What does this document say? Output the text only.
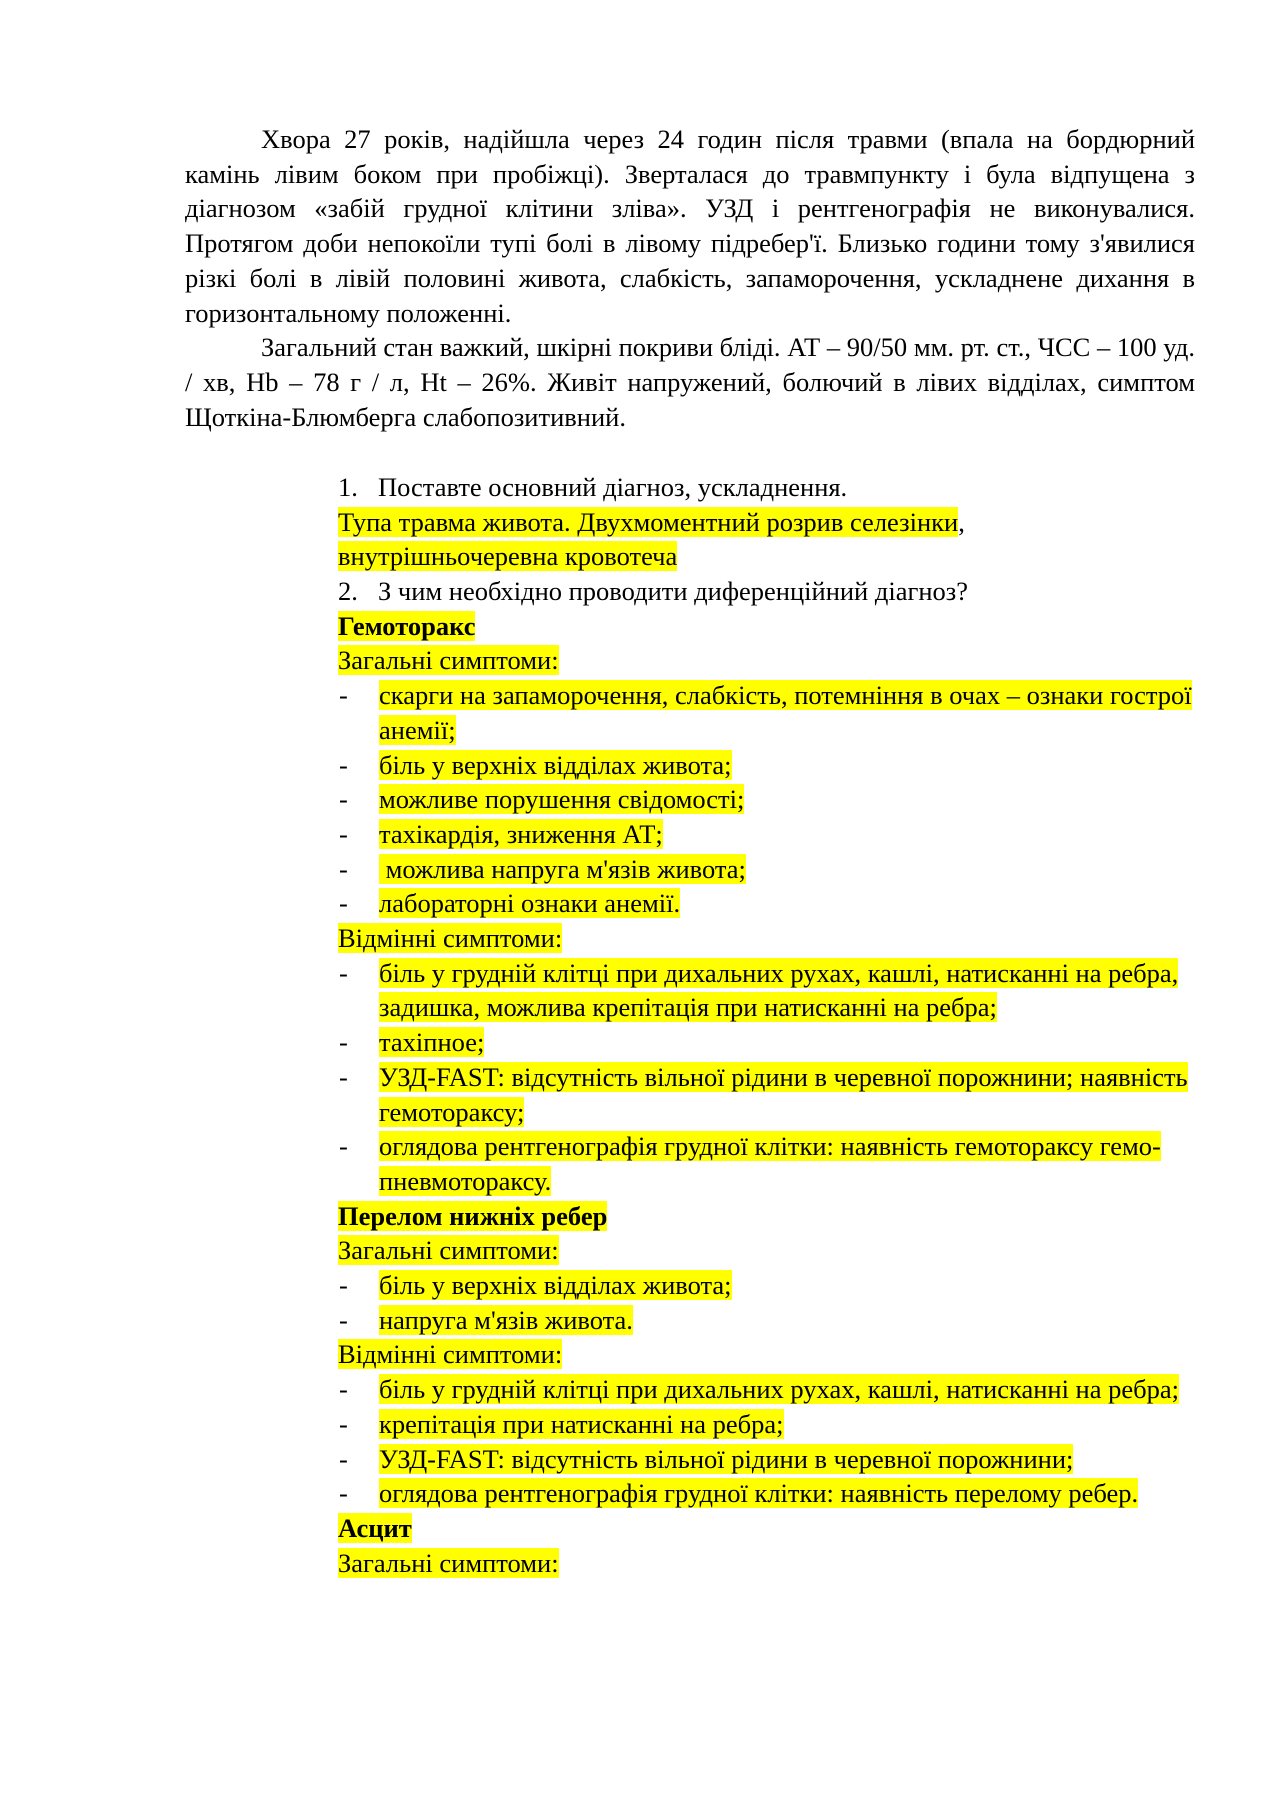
Хвора 27 років, надійшла через 24 годин після травми (впала на бордюрний камінь лівим боком при пробіжці). Зверталася до травмпункту і була відпущена з діагнозом «забій грудної клітини зліва». УЗД і рентгенографія не виконувалися. Протягом доби непокоїли тупі болі в лівому підребер'ї. Близько години тому з'явилися різкі болі в лівій половині живота, слабкість, запаморочення, ускладнене дихання в горизонтальному положенні.

Загальний стан важкий, шкірні покриви бліді. АТ – 90/50 мм. рт. ст., ЧСС – 100 уд. / хв, Hb – 78 г / л, Ht – 26%. Живіт напружений, болючий в лівих відділах, симптом Щоткіна-Блюмберга слабопозитивний.

1. Поставте основний діагноз, ускладнення.
Тупа травма живота. Двухмоментний розрив селезінки,
внутрішньочеревна кровотеча
2. З чим необхідно проводити диференційний діагноз?
Гемоторакс
Загальні симптоми:
-	скарги на запаморочення, слабкість, потемніння в очах – ознаки гострої анемії;
-	біль у верхніх відділах живота;
-	можливе порушення свідомості;
-	тахікардія, зниження АТ;
-	можлива напруга м'язів живота;
-	лабораторні ознаки анемії.
Відмінні симптоми:
-	біль у грудній клітці при дихальних рухах, кашлі, натисканні на ребра, задишка, можлива крепітація при натисканні на ребра;
-	тахіпное;
-	УЗД-FAST: відсутність вільної рідини в черевної порожнини; наявність гемотораксу;
-	оглядова рентгенографія грудної клітки: наявність гемотораксу гемо-пневмотораксу.
Перелом нижніх ребер
Загальні симптоми:
-	біль у верхніх відділах живота;
-	напруга м'язів живота.
Відмінні симптоми:
-	біль у грудній клітці при дихальних рухах, кашлі, натисканні на ребра;
-	крепітація при натисканні на ребра;
-	УЗД-FAST: відсутність вільної рідини в черевної порожнини;
-	оглядова рентгенографія грудної клітки: наявність перелому ребер.
Асцит
Загальні симптоми:
